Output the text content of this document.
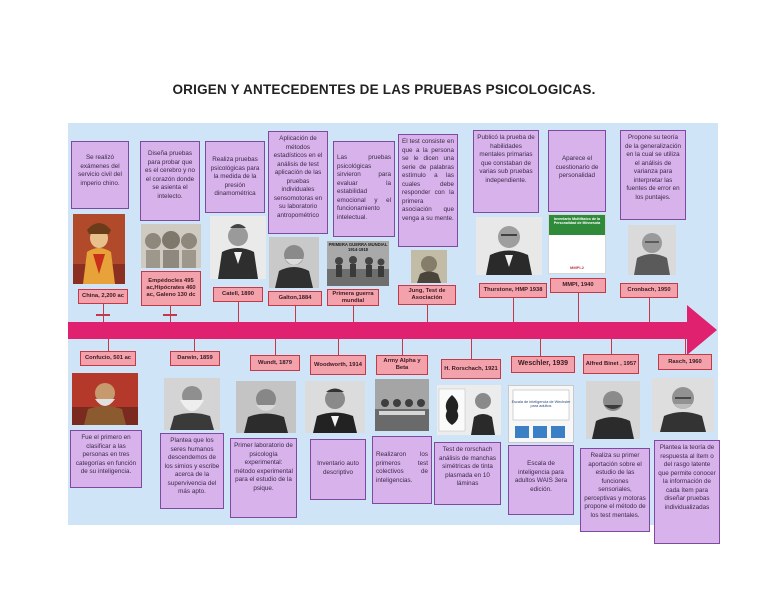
ORIGEN Y ANTECEDENTES DE LAS PRUEBAS PSICOLOGICAS.
Se realizó exámenes del servicio civil del imperio chino.
Diseña pruebas para probar que es el cerebro y no el corazón donde se asienta el intelecto.
Realiza pruebas psicológicas para la medida de la presión dinamométrica
Aplicación de métodos estadísticos en el análisis de test aplicación de las pruebas individuales sensomotoras en su laboratorio antropométrico
Las pruebas psicológicas sirvieron para evaluar la estabilidad emocional y el funcionamiento intelectual.
El test consiste en que a la persona se le dicen una serie de palabras estímulo a las cuales debe responder con la primera asociación que venga a su mente.
Publicó la prueba de habilidades mentales primarias que constaban de varias sub pruebas independiente.
Aparece el cuestionario de personalidad
Propone su teoría de la generalización en la cual se utiliza el análisis de varianza para interpretar las fuentes de error en los puntajes.
James Catell
PRIMERA GUERRA MUNDIAL 1914-1918
Inventario Multifásico de la Personalidad de Minnesota
MMPI-2
China, 2,200 ac
Empédocles 495 ac,Hipócrates 460 ac, Galeno 130 dc	Catell, 1890
Galton,1884
Primera guerra mundial
Jung, Test de Asociación
Thurstone, HMP 1938
MMPI, 1940
Cronbach, 1950
Confucio, 501 ac	Darwin, 1859
Wundt, 1879	Woodworth, 1914
Army Alpha y Beta	H. Rorschach, 1921
Weschler, 1939	Alfred Binet , 1957	Rasch, 1960
Escala de inteligencia de Wechsler para adultos
Fue el primero en clasificar a las personas en tres categorías en función de su inteligencia.
Plantea que los seres humanos descendemos de los simios y escribe acerca de la supervivencia del más apto.
Primer laboratorio de psicología experimental: método experimental para el estudio de la psique.
Inventario auto descriptivo
Realizaron los primeros test colectivos de inteligencias.
Test de rorschach análisis de manchas simétricas de tinta plasmada en 10 láminas
Escala de inteligencia para adultos WAIS 3era edición.
Realiza su primer aportación sobre el estudio de las funciones sensoriales, perceptivas y motoras propone el método de los test mentales.
Plantea la teoría de respuesta al ítem o del rasgo latente que permite conocer la información de cada ítem para diseñar pruebas individualizadas
